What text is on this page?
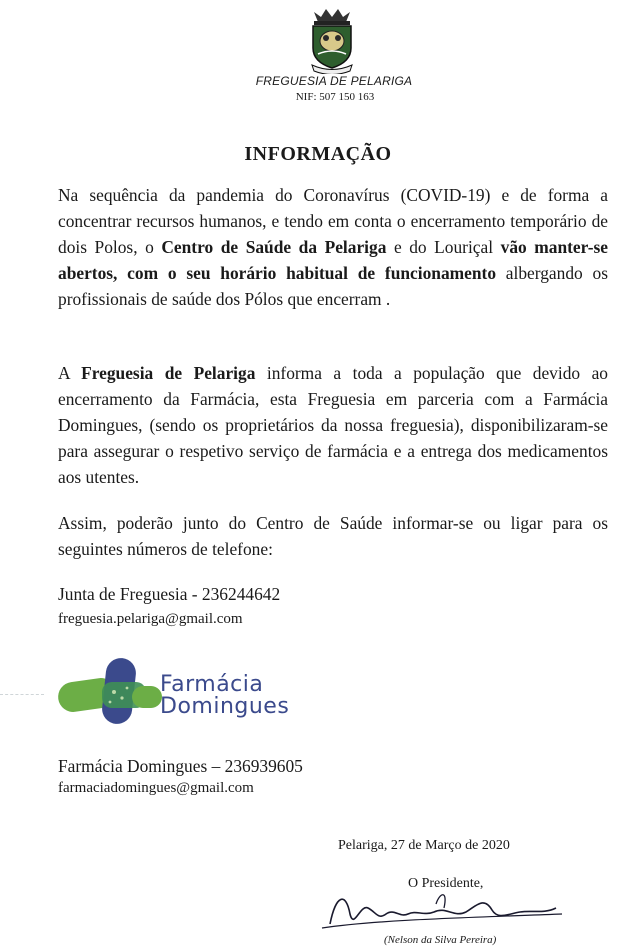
FREGUESIA DE PELARIGA
NIF: 507 150 163
INFORMAÇÃO

Na sequência da pandemia do Coronavírus (COVID-19) e de forma a concentrar recursos humanos, e tendo em conta o encerramento temporário de dois Polos, o Centro de Saúde da Pelariga e do Louriçal vão manter-se abertos, com o seu horário habitual de funcionamento albergando os profissionais de saúde dos Pólos que encerram .

A Freguesia de Pelariga informa a toda a população que devido ao encerramento da Farmácia, esta Freguesia em parceria com a Farmácia Domingues, (sendo os proprietários da nossa freguesia), disponibilizaram-se para assegurar o respetivo serviço de farmácia e a entrega dos medicamentos aos utentes.

Assim, poderão junto do Centro de Saúde informar-se ou ligar para os seguintes números de telefone:

Junta de Freguesia - 236244642
freguesia.pelariga@gmail.com
Farmácia
Domingues
Farmácia Domingues – 236939605
farmaciadomingues@gmail.com
Pelariga, 27 de Março de 2020
O Presidente,
(Nelson da Silva Pereira)
